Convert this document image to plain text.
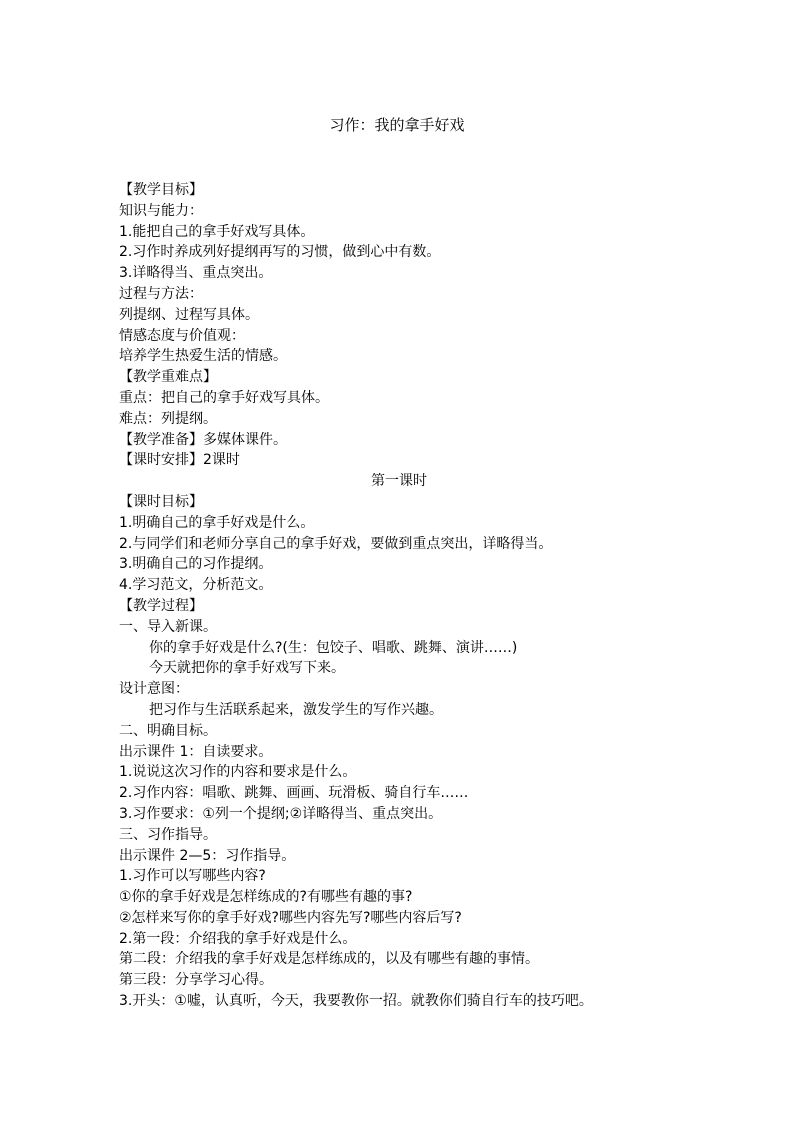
习作：我的拿手好戏
【教学目标】
知识与能力：
1.能把自己的拿手好戏写具体。
2.习作时养成列好提纲再写的习惯，做到心中有数。
3.详略得当、重点突出。
过程与方法：
列提纲、过程写具体。
情感态度与价值观：
培养学生热爱生活的情感。
【教学重难点】
重点：把自己的拿手好戏写具体。
难点：列提纲。
【教学准备】多媒体课件。
【课时安排】2课时
第一课时
【课时目标】
1.明确自己的拿手好戏是什么。
2.与同学们和老师分享自己的拿手好戏，要做到重点突出，详略得当。
3.明确自己的习作提纲。
4.学习范文，分析范文。
【教学过程】
一、导入新课。
你的拿手好戏是什么?(生：包饺子、唱歌、跳舞、演讲……)
今天就把你的拿手好戏写下来。
设计意图：
把习作与生活联系起来，激发学生的写作兴趣。
二、明确目标。
出示课件 1：自读要求。
1.说说这次习作的内容和要求是什么。
2.习作内容：唱歌、跳舞、画画、玩滑板、骑自行车……
3.习作要求：①列一个提纲;②详略得当、重点突出。
三、习作指导。
出示课件 2—5：习作指导。
1.习作可以写哪些内容?
①你的拿手好戏是怎样练成的?有哪些有趣的事?
②怎样来写你的拿手好戏?哪些内容先写?哪些内容后写?
2.第一段：介绍我的拿手好戏是什么。
第二段：介绍我的拿手好戏是怎样练成的，以及有哪些有趣的事情。
第三段：分享学习心得。
3.开头：①嘘，认真听，今天，我要教你一招。就教你们骑自行车的技巧吧。
